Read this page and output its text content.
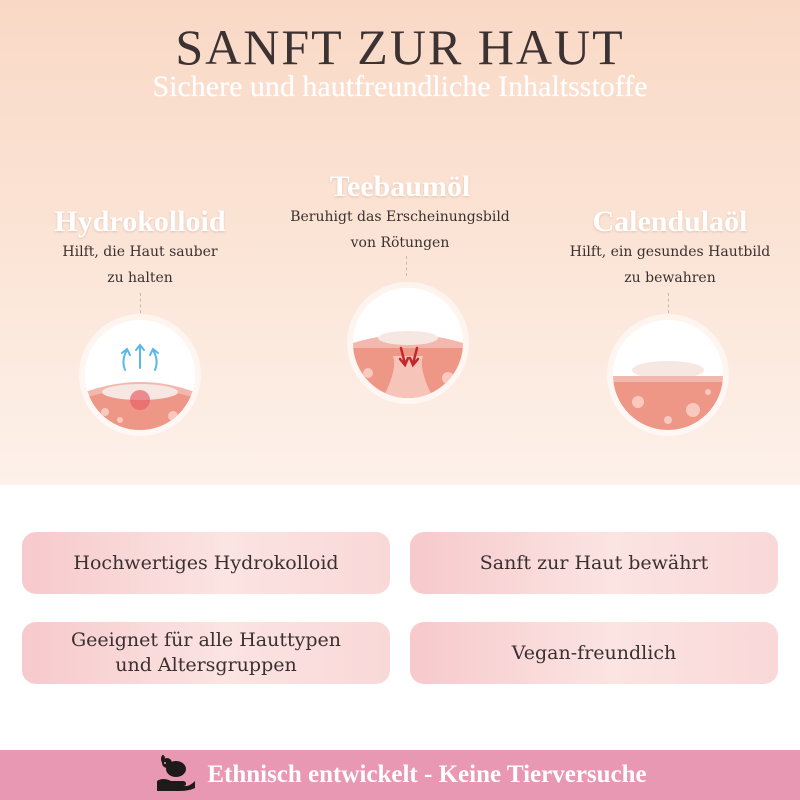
SANFT ZUR HAUT
Sichere und hautfreundliche Inhaltsstoffe
Hydrokolloid
Hilft, die Haut sauber
zu halten
Teebaumöl
Beruhigt das Erscheinungsbild
von Rötungen
Calendulaöl
Hilft, ein gesundes Hautbild
zu bewahren
Hochwertiges Hydrokolloid	Sanft zur Haut bewährt
Geeignet für alle Hauttypen
und Altersgruppen
Vegan-freundlich
Ethnisch entwickelt - Keine Tierversuche
